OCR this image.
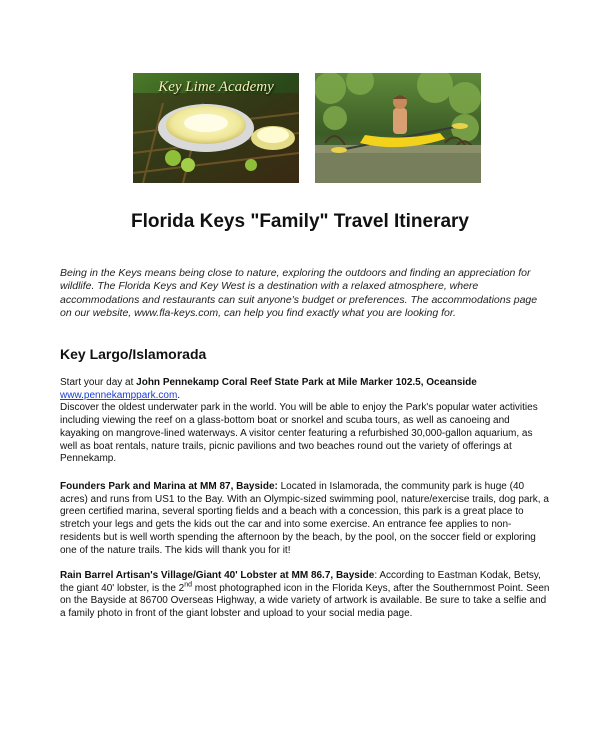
Key Lime Academy
Florida Keys "Family" Travel Itinerary
Being in the Keys means being close to nature, exploring the outdoors and finding an appreciation for wildlife. The Florida Keys and Key West is a destination with a relaxed atmosphere, where accommodations and restaurants can suit anyone's budget or preferences. The accommodations page on our website, www.fla-keys.com, can help you find exactly what you are looking for.
Key Largo/Islamorada
Start your day at John Pennekamp Coral Reef State Park at Mile Marker 102.5, Oceanside
www.pennekamppark.com.
Discover the oldest underwater park in the world. You will be able to enjoy the Park's popular water activities including viewing the reef on a glass-bottom boat or snorkel and scuba tours, as well as canoeing and kayaking on mangrove-lined waterways. A visitor center featuring a refurbished 30,000-gallon aquarium, as well as boat rentals, nature trails, picnic pavilions and two beaches round out the variety of offerings at Pennekamp.
Founders Park and Marina at MM 87, Bayside: Located in Islamorada, the community park is huge (40 acres) and runs from US1 to the Bay. With an Olympic-sized swimming pool, nature/exercise trails, dog park, a green certified marina, several sporting fields and a beach with a concession, this park is a great place to stretch your legs and gets the kids out the car and into some exercise. An entrance fee applies to non-residents but is well worth spending the afternoon by the beach, by the pool, on the soccer field or exploring one of the nature trails. The kids will thank you for it!
Rain Barrel Artisan's Village/Giant 40' Lobster at MM 86.7, Bayside: According to Eastman Kodak, Betsy, the giant 40' lobster, is the 2nd most photographed icon in the Florida Keys, after the Southernmost Point. Seen on the Bayside at 86700 Overseas Highway, a wide variety of artwork is available. Be sure to take a selfie and a family photo in front of the giant lobster and upload to your social media page.
